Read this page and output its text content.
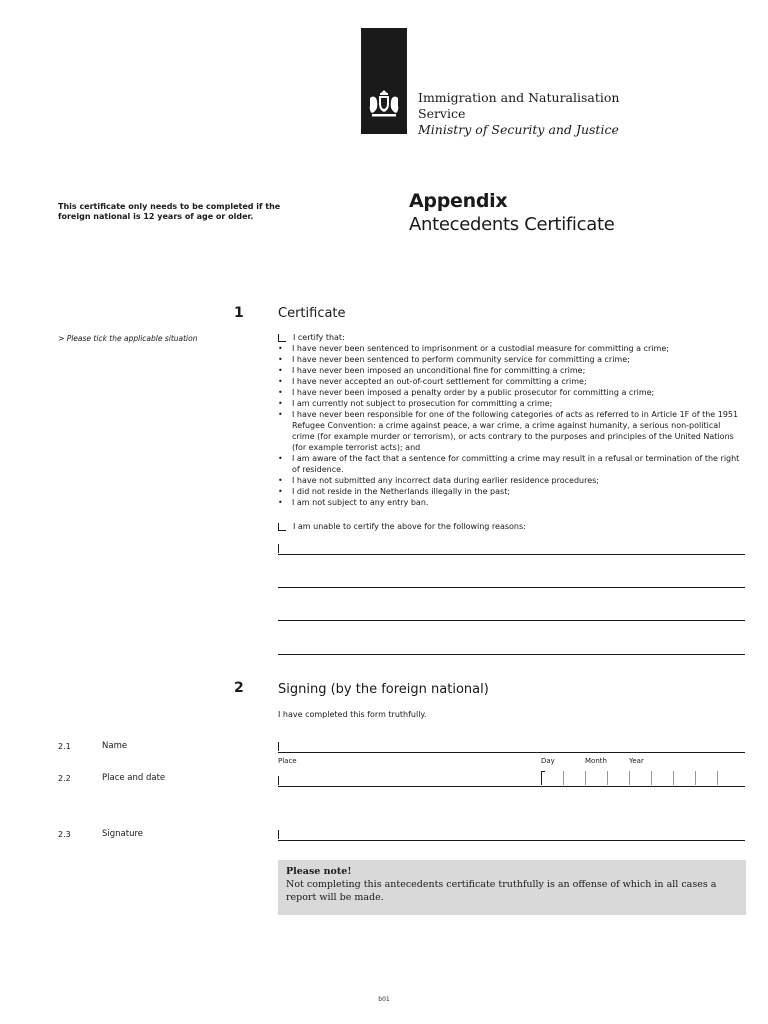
Immigration and Naturalisation
Service
Ministry of Security and Justice
This certificate only needs to be completed if the foreign national is 12 years of age or older.
Appendix
Antecedents Certificate
1	Certificate
> Please tick the applicable situation	I certify that:
• I have never been sentenced to imprisonment or a custodial measure for committing a crime;
• I have never been sentenced to perform community service for committing a crime;
• I have never been imposed an unconditional fine for committing a crime;
• I have never accepted an out-of-court settlement for committing a crime;
• I have never been imposed a penalty order by a public prosecutor for committing a crime;
• I am currently not subject to prosecution for committing a crime;
• I have never been responsible for one of the following categories of acts as referred to in Article 1F of the 1951 Refugee Convention: a crime against peace, a war crime, a crime against humanity, a serious non-political crime (for example murder or terrorism), or acts contrary to the purposes and principles of the United Nations (for example terrorist acts); and
• I am aware of the fact that a sentence for committing a crime may result in a refusal or termination of the right of residence.
• I have not submitted any incorrect data during earlier residence procedures;
• I did not reside in the Netherlands illegally in the past;
• I am not subject to any entry ban.
I am unable to certify the above for the following reasons:
2	Signing (by the foreign national)
I have completed this form truthfully.
2.1	Name
Place	Day	Month	Year
2.2	Place and date
2.3	Signature
Please note!
Not completing this antecedents certificate truthfully is an offense of which in all cases a report will be made.
b01
